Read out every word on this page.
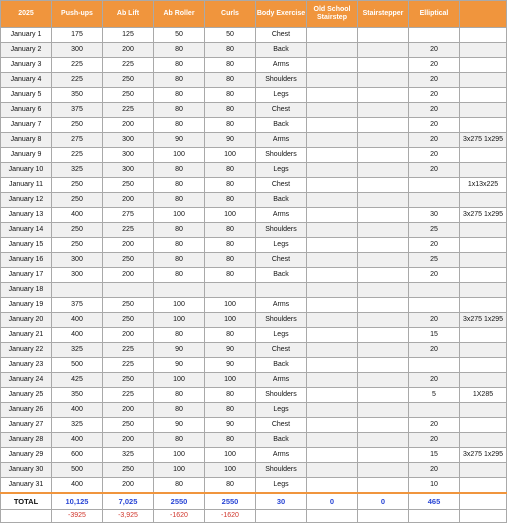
2025	Push-ups	Ab Lift	Ab Roller	Curls	Body Exercise	Old School Stairstep	Stairstepper	Elliptical	
January 1	175	125	50	50	Chest				
January 2	300	200	80	80	Back			20	
January 3	225	225	80	80	Arms			20	
January 4	225	250	80	80	Shoulders			20	
January 5	350	250	80	80	Legs			20	
January 6	375	225	80	80	Chest			20	
January 7	250	200	80	80	Back			20	
January 8	275	300	90	90	Arms			20	3x275 1x295
January 9	225	300	100	100	Shoulders			20	
January 10	325	300	80	80	Legs			20	
January 11	250	250	80	80	Chest				1x13x225
January 12	250	200	80	80	Back				
January 13	400	275	100	100	Arms			30	3x275 1x295
January 14	250	225	80	80	Shoulders			25	
January 15	250	200	80	80	Legs			20	
January 16	300	250	80	80	Chest			25	
January 17	300	200	80	80	Back			20	
January 18									
January 19	375	250	100	100	Arms				
January 20	400	250	100	100	Shoulders			20	3x275 1x295
January 21	400	200	80	80	Legs			15	
January 22	325	225	90	90	Chest			20	
January 23	500	225	90	90	Back				
January 24	425	250	100	100	Arms			20	
January 25	350	225	80	80	Shoulders			5	1X285
January 26	400	200	80	80	Legs				
January 27	325	250	90	90	Chest			20	
January 28	400	200	80	80	Back			20	
January 29	600	325	100	100	Arms			15	3x275 1x295
January 30	500	250	100	100	Shoulders			20	
January 31	400	200	80	80	Legs			10	
TOTAL	10,125	7,025	2550	2550	30	0	0	465	
	-3925	-3,925	-1620	-1620					
